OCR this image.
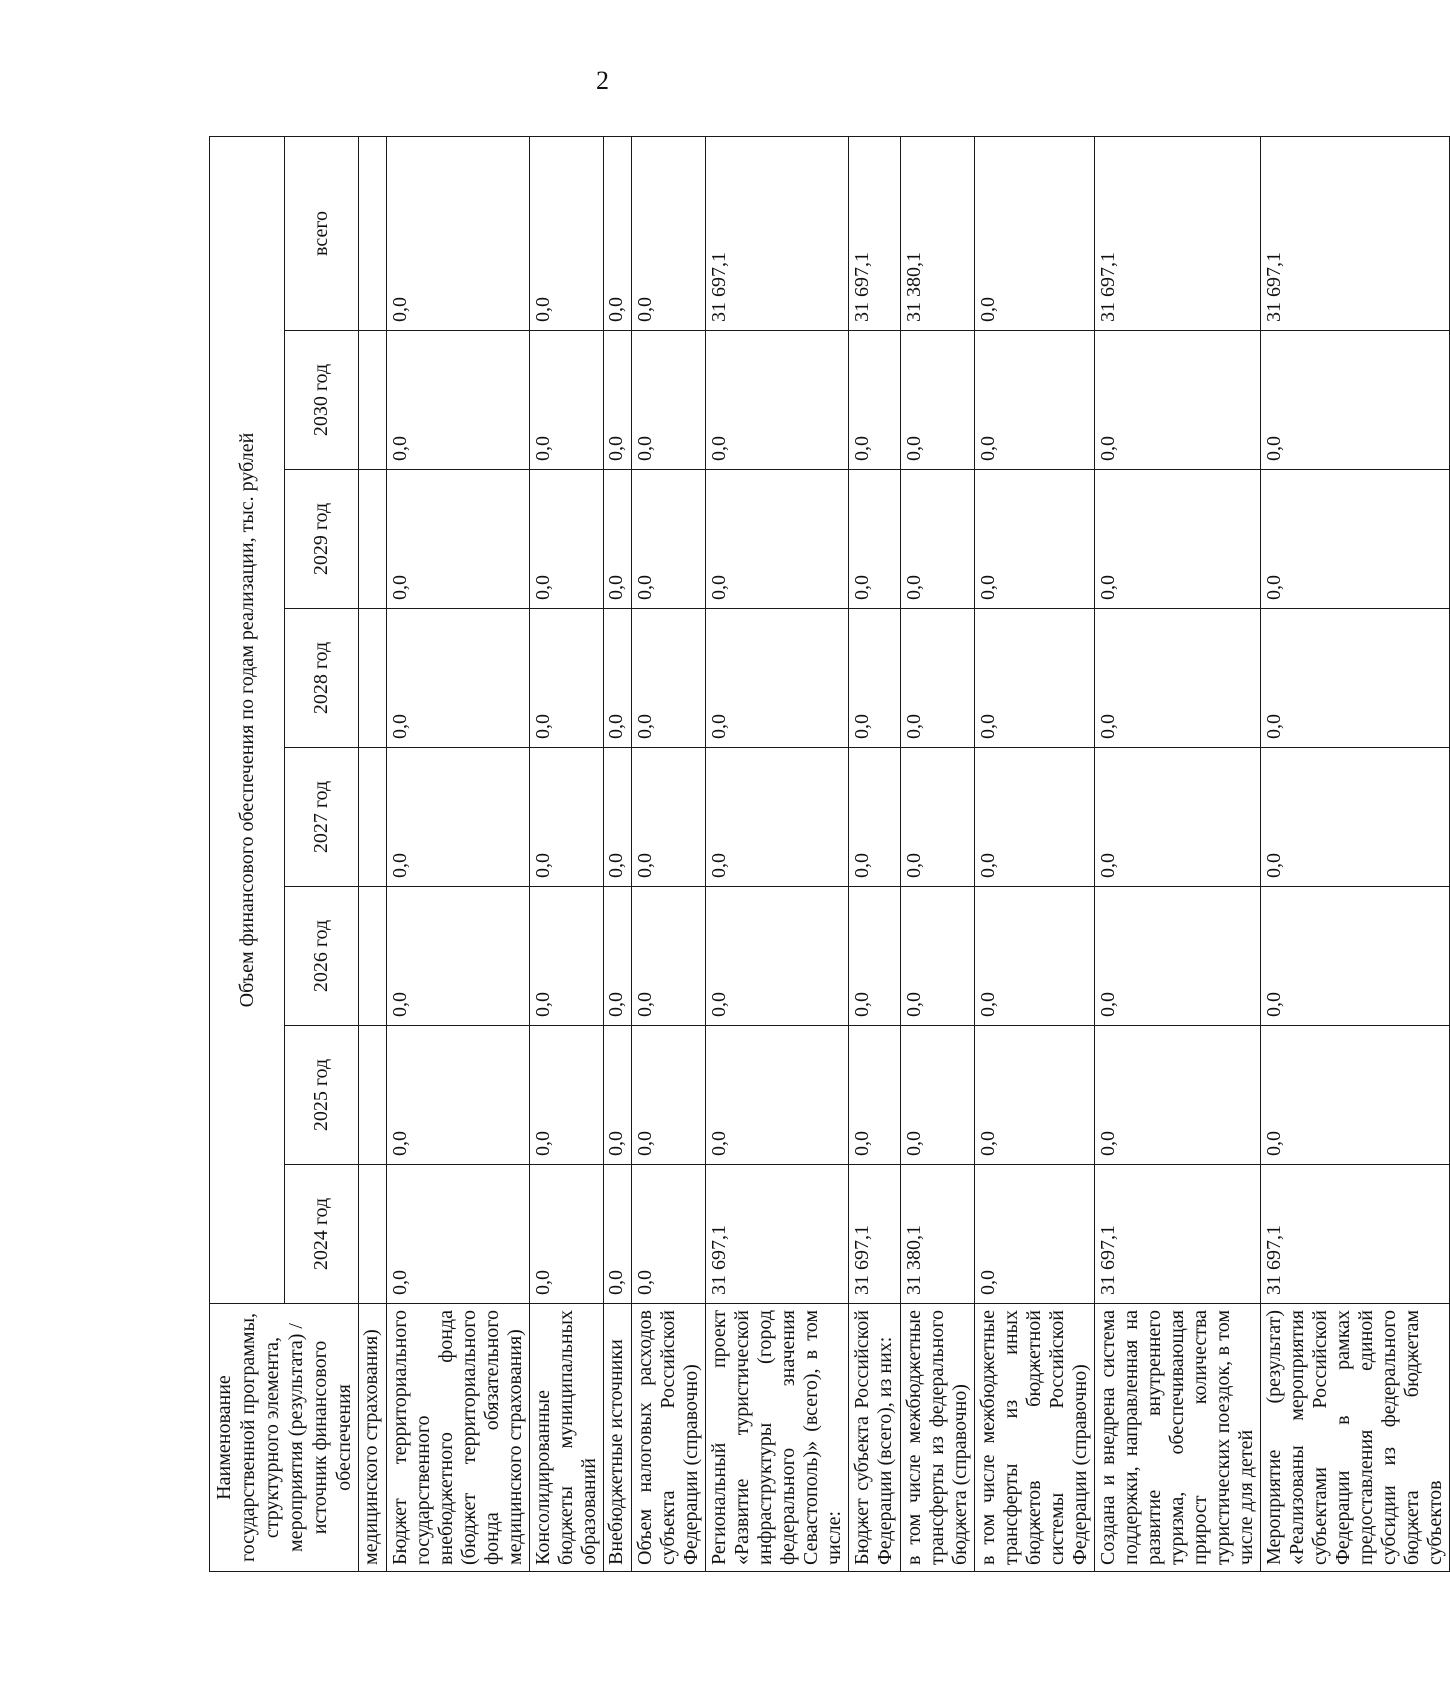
2
Наименование государственной программы, структурного элемента, мероприятия (результата) / источник финансового обеспечения	Объем финансового обеспечения по годам реализации, тыс. рублей							
	2024 год	2025 год	2026 год	2027 год	2028 год	2029 год	2030 год	всего
медицинского страхования)								
Бюджет территориального государственного внебюджетного фонда (бюджет территориального фонда обязательного медицинского страхования)	0,0	0,0	0,0	0,0	0,0	0,0	0,0	0,0
Консолидированные бюджеты муниципальных образований	0,0	0,0	0,0	0,0	0,0	0,0	0,0	0,0
Внебюджетные источники	0,0	0,0	0,0	0,0	0,0	0,0	0,0	0,0
Объем налоговых расходов субъекта Российской Федерации (справочно)	0,0	0,0	0,0	0,0	0,0	0,0	0,0	0,0
Региональный проект «Развитие туристической инфраструктуры (город федерального значения Севастополь)» (всего), в том числе:	31 697,1	0,0	0,0	0,0	0,0	0,0	0,0	31 697,1
Бюджет субъекта Российской Федерации (всего), из них:	31 697,1	0,0	0,0	0,0	0,0	0,0	0,0	31 697,1
в том числе межбюджетные трансферты из федерального бюджета (справочно)	31 380,1	0,0	0,0	0,0	0,0	0,0	0,0	31 380,1
в том числе межбюджетные трансферты из иных бюджетов бюджетной системы Российской Федерации (справочно)	0,0	0,0	0,0	0,0	0,0	0,0	0,0	0,0
Создана и внедрена система поддержки, направленная на развитие внутреннего туризма, обеспечивающая прирост количества туристических поездок, в том числе для детей	31 697,1	0,0	0,0	0,0	0,0	0,0	0,0	31 697,1
Мероприятие (результат) «Реализованы мероприятия субъектами Российской Федерации в рамках предоставления единой субсидии из федерального бюджета бюджетам субъектов	31 697,1	0,0	0,0	0,0	0,0	0,0	0,0	31 697,1
